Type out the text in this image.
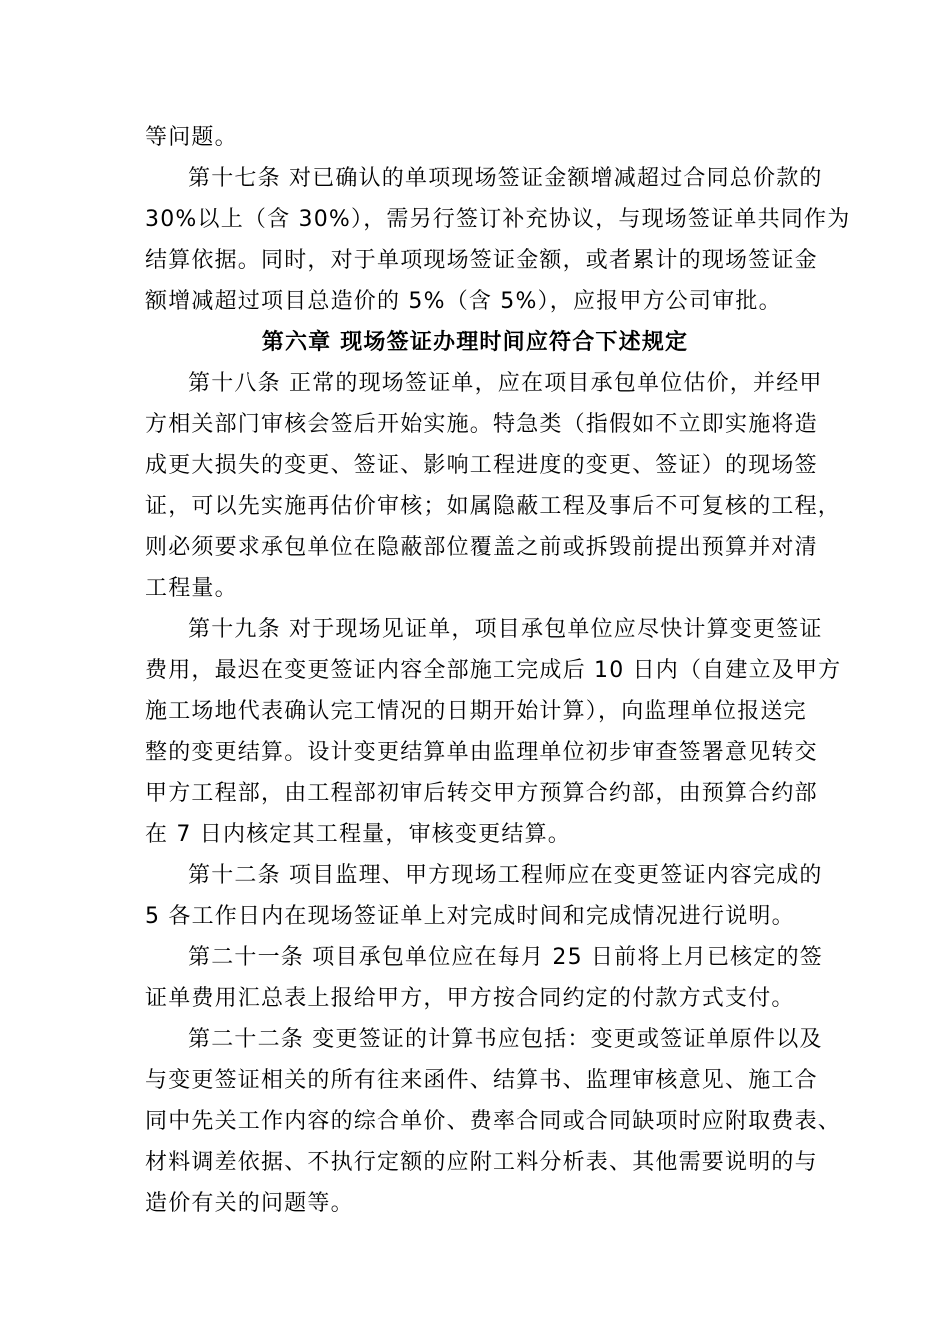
等问题。
第十七条 对已确认的单项现场签证金额增减超过合同总价款的
30%以上（含 30%），需另行签订补充协议，与现场签证单共同作为
结算依据。同时，对于单项现场签证金额，或者累计的现场签证金
额增减超过项目总造价的 5%（含 5%），应报甲方公司审批。
第六章 现场签证办理时间应符合下述规定
第十八条 正常的现场签证单，应在项目承包单位估价，并经甲
方相关部门审核会签后开始实施。特急类（指假如不立即实施将造
成更大损失的变更、签证、影响工程进度的变更、签证）的现场签
证，可以先实施再估价审核；如属隐蔽工程及事后不可复核的工程，
则必须要求承包单位在隐蔽部位覆盖之前或拆毁前提出预算并对清
工程量。
第十九条 对于现场见证单，项目承包单位应尽快计算变更签证
费用，最迟在变更签证内容全部施工完成后 10 日内（自建立及甲方
施工场地代表确认完工情况的日期开始计算），向监理单位报送完
整的变更结算。设计变更结算单由监理单位初步审查签署意见转交
甲方工程部，由工程部初审后转交甲方预算合约部，由预算合约部
在 7 日内核定其工程量，审核变更结算。
第十二条 项目监理、甲方现场工程师应在变更签证内容完成的
5 各工作日内在现场签证单上对完成时间和完成情况进行说明。
第二十一条 项目承包单位应在每月 25 日前将上月已核定的签
证单费用汇总表上报给甲方，甲方按合同约定的付款方式支付。
第二十二条 变更签证的计算书应包括：变更或签证单原件以及
与变更签证相关的所有往来函件、结算书、监理审核意见、施工合
同中先关工作内容的综合单价、费率合同或合同缺项时应附取费表、
材料调差依据、不执行定额的应附工料分析表、其他需要说明的与
造价有关的问题等。
